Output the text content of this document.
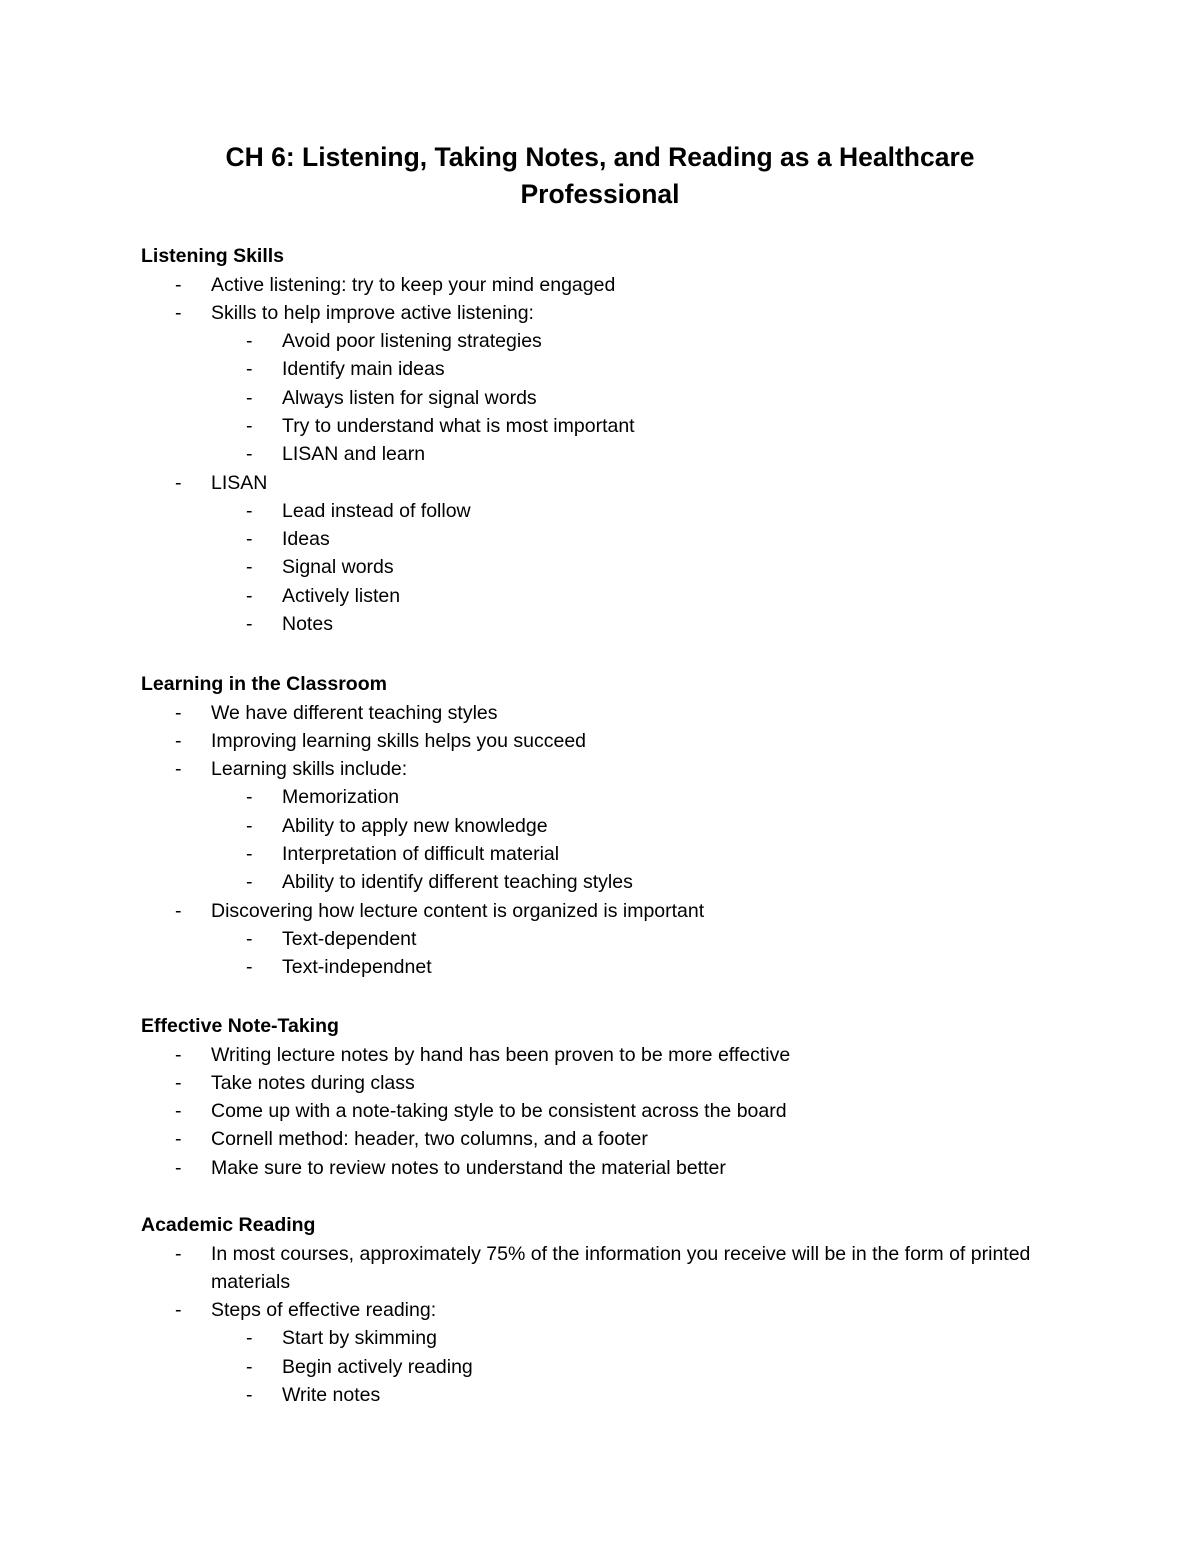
CH 6: Listening, Taking Notes, and Reading as a Healthcare
Professional
Listening Skills
- Active listening: try to keep your mind engaged
- Skills to help improve active listening:
- Avoid poor listening strategies
- Identify main ideas
- Always listen for signal words
- Try to understand what is most important
- LISAN and learn
- LISAN
- Lead instead of follow
- Ideas
- Signal words
- Actively listen
- Notes
Learning in the Classroom
- We have different teaching styles
- Improving learning skills helps you succeed
- Learning skills include:
- Memorization
- Ability to apply new knowledge
- Interpretation of difficult material
- Ability to identify different teaching styles
- Discovering how lecture content is organized is important
- Text-dependent
- Text-independnet
Effective Note-Taking
- Writing lecture notes by hand has been proven to be more effective
- Take notes during class
- Come up with a note-taking style to be consistent across the board
- Cornell method: header, two columns, and a footer
- Make sure to review notes to understand the material better
Academic Reading
- In most courses, approximately 75% of the information you receive will be in the form of printed materials
- Steps of effective reading:
- Start by skimming
- Begin actively reading
- Write notes
